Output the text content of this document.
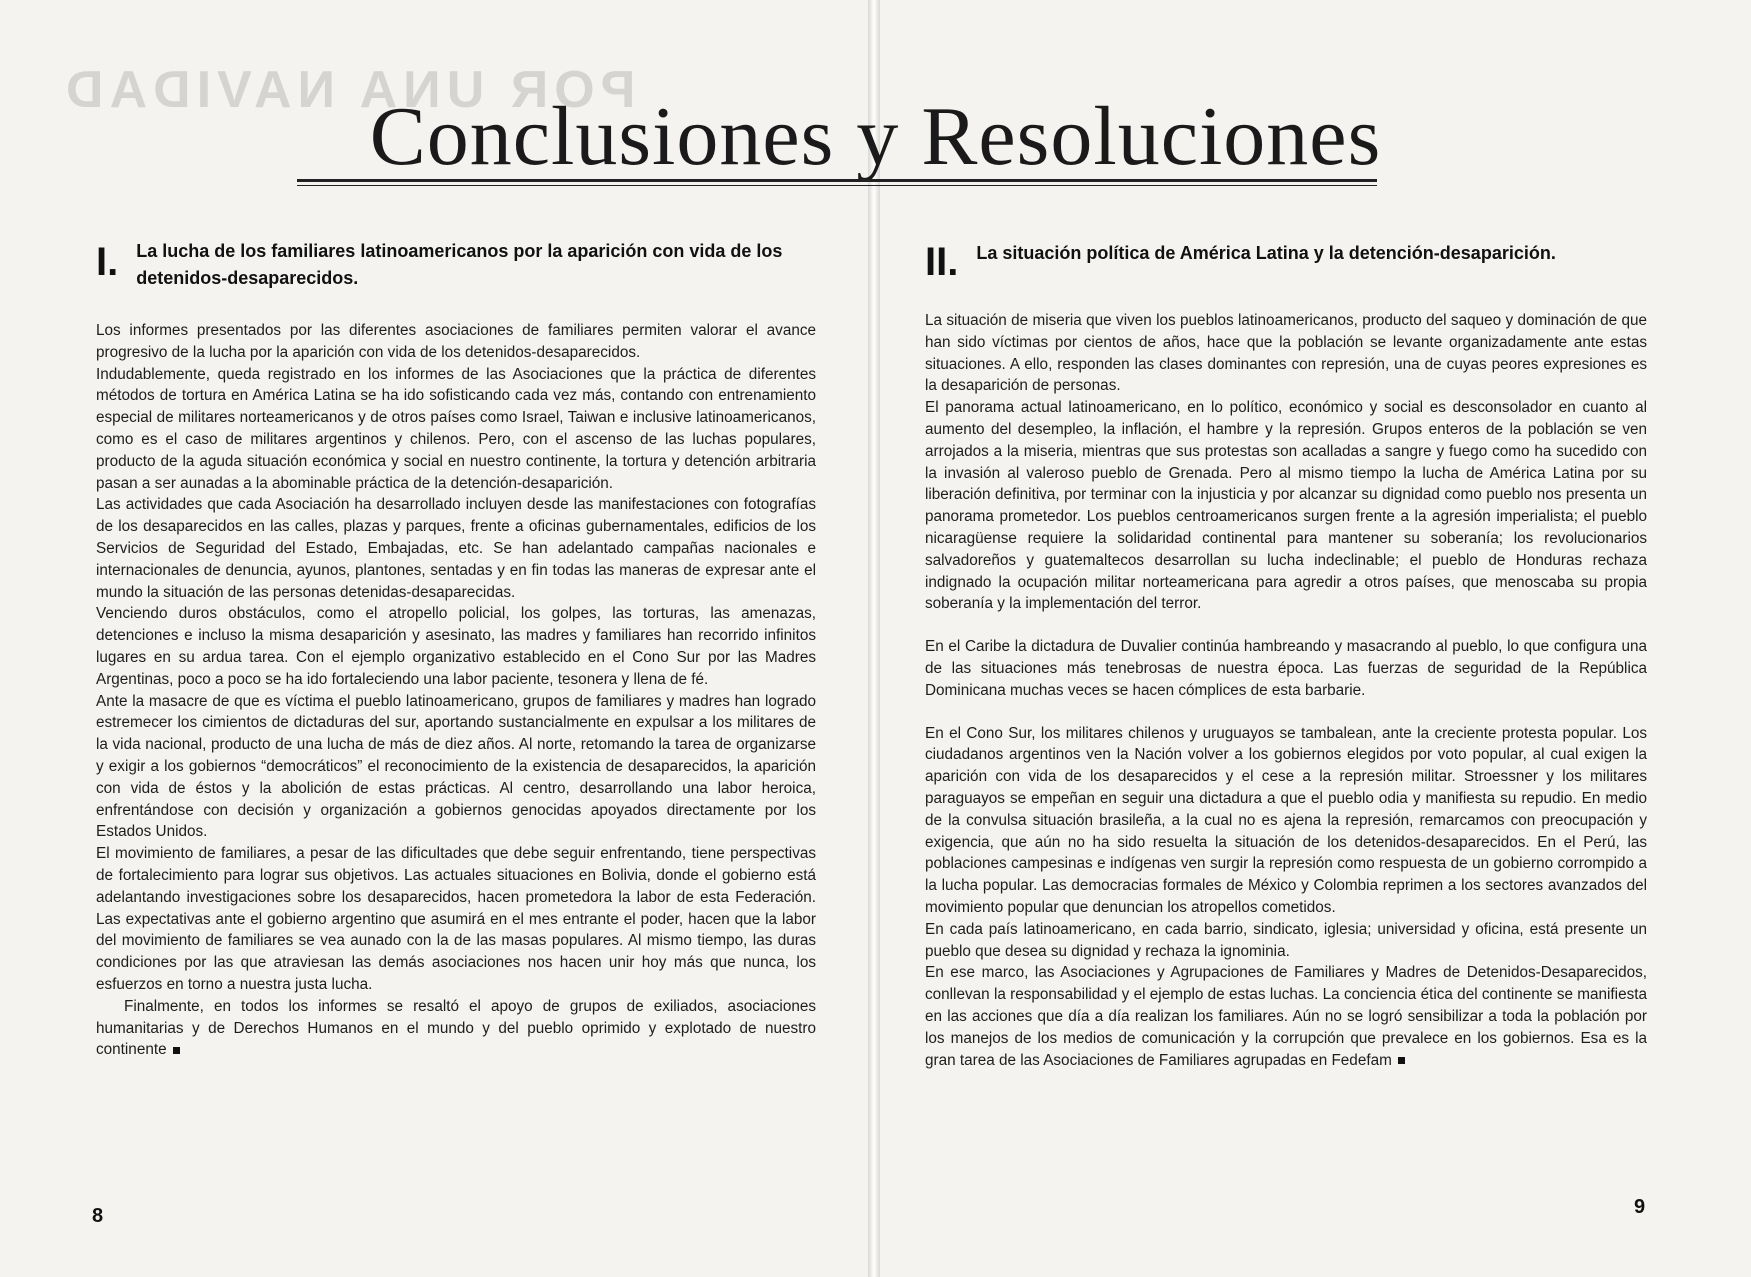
POR UNA NAVIDAD
Conclusiones y Resoluciones
I. La lucha de los familiares latinoamericanos por la aparición con vida de los detenidos-desaparecidos.

Los informes presentados por las diferentes asociaciones de familiares permiten valorar el avance progresivo de la lucha por la aparición con vida de los detenidos-desaparecidos.

Indudablemente, queda registrado en los informes de las Asociaciones que la práctica de diferentes métodos de tortura en América Latina se ha ido sofisticando cada vez más, contando con entrenamiento especial de militares norteamericanos y de otros países como Israel, Taiwan e inclusive latinoamericanos, como es el caso de militares argentinos y chilenos. Pero, con el ascenso de las luchas populares, producto de la aguda situación económica y social en nuestro continente, la tortura y detención arbitraria pasan a ser aunadas a la abominable práctica de la detención-desaparición.

Las actividades que cada Asociación ha desarrollado incluyen desde las manifestaciones con fotografías de los desaparecidos en las calles, plazas y parques, frente a oficinas gubernamentales, edificios de los Servicios de Seguridad del Estado, Embajadas, etc. Se han adelantado campañas nacionales e internacionales de denuncia, ayunos, plantones, sentadas y en fin todas las maneras de expresar ante el mundo la situación de las personas detenidas-desaparecidas.

Venciendo duros obstáculos, como el atropello policial, los golpes, las torturas, las amenazas, detenciones e incluso la misma desaparición y asesinato, las madres y familiares han recorrido infinitos lugares en su ardua tarea. Con el ejemplo organizativo establecido en el Cono Sur por las Madres Argentinas, poco a poco se ha ido fortaleciendo una labor paciente, tesonera y llena de fé.

Ante la masacre de que es víctima el pueblo latinoamericano, grupos de familiares y madres han logrado estremecer los cimientos de dictaduras del sur, aportando sustancialmente en expulsar a los militares de la vida nacional, producto de una lucha de más de diez años. Al norte, retomando la tarea de organizarse y exigir a los gobiernos “democráticos” el reconocimiento de la existencia de desaparecidos, la aparición con vida de éstos y la abolición de estas prácticas. Al centro, desarrollando una labor heroica, enfrentándose con decisión y organización a gobiernos genocidas apoyados directamente por los Estados Unidos.

El movimiento de familiares, a pesar de las dificultades que debe seguir enfrentando, tiene perspectivas de fortalecimiento para lograr sus objetivos. Las actuales situaciones en Bolivia, donde el gobierno está adelantando investigaciones sobre los desaparecidos, hacen prometedora la labor de esta Federación. Las expectativas ante el gobierno argentino que asumirá en el mes entrante el poder, hacen que la labor del movimiento de familiares se vea aunado con la de las masas populares. Al mismo tiempo, las duras condiciones por las que atraviesan las demás asociaciones nos hacen unir hoy más que nunca, los esfuerzos en torno a nuestra justa lucha.

Finalmente, en todos los informes se resaltó el apoyo de grupos de exiliados, asociaciones humanitarias y de Derechos Humanos en el mundo y del pueblo oprimido y explotado de nuestro continente

II. La situación política de América Latina y la detención-desaparición.

La situación de miseria que viven los pueblos latinoamericanos, producto del saqueo y dominación de que han sido víctimas por cientos de años, hace que la población se levante organizadamente ante estas situaciones. A ello, responden las clases dominantes con represión, una de cuyas peores expresiones es la desaparición de personas.

El panorama actual latinoamericano, en lo político, económico y social es desconsolador en cuanto al aumento del desempleo, la inflación, el hambre y la represión. Grupos enteros de la población se ven arrojados a la miseria, mientras que sus protestas son acalladas a sangre y fuego como ha sucedido con la invasión al valeroso pueblo de Grenada. Pero al mismo tiempo la lucha de América Latina por su liberación definitiva, por terminar con la injusticia y por alcanzar su dignidad como pueblo nos presenta un panorama prometedor. Los pueblos centroamericanos surgen frente a la agresión imperialista; el pueblo nicaragüense requiere la solidaridad continental para mantener su soberanía; los revolucionarios salvadoreños y guatemaltecos desarrollan su lucha indeclinable; el pueblo de Honduras rechaza indignado la ocupación militar norteamericana para agredir a otros países, que menoscaba su propia soberanía y la implementación del terror.

En el Caribe la dictadura de Duvalier continúa hambreando y masacrando al pueblo, lo que configura una de las situaciones más tenebrosas de nuestra época. Las fuerzas de seguridad de la República Dominicana muchas veces se hacen cómplices de esta barbarie.

En el Cono Sur, los militares chilenos y uruguayos se tambalean, ante la creciente protesta popular. Los ciudadanos argentinos ven la Nación volver a los gobiernos elegidos por voto popular, al cual exigen la aparición con vida de los desaparecidos y el cese a la represión militar. Stroessner y los militares paraguayos se empeñan en seguir una dictadura a que el pueblo odia y manifiesta su repudio. En medio de la convulsa situación brasileña, a la cual no es ajena la represión, remarcamos con preocupación y exigencia, que aún no ha sido resuelta la situación de los detenidos-desaparecidos. En el Perú, las poblaciones campesinas e indígenas ven surgir la represión como respuesta de un gobierno corrompido a la lucha popular. Las democracias formales de México y Colombia reprimen a los sectores avanzados del movimiento popular que denuncian los atropellos cometidos.

En cada país latinoamericano, en cada barrio, sindicato, iglesia; universidad y oficina, está presente un pueblo que desea su dignidad y rechaza la ignominia.

En ese marco, las Asociaciones y Agrupaciones de Familiares y Madres de Detenidos-Desaparecidos, conllevan la responsabilidad y el ejemplo de estas luchas. La conciencia ética del continente se manifiesta en las acciones que día a día realizan los familiares. Aún no se logró sensibilizar a toda la población por los manejos de los medios de comunicación y la corrupción que prevalece en los gobiernos. Esa es la gran tarea de las Asociaciones de Familiares agrupadas en Fedefam

8	9
